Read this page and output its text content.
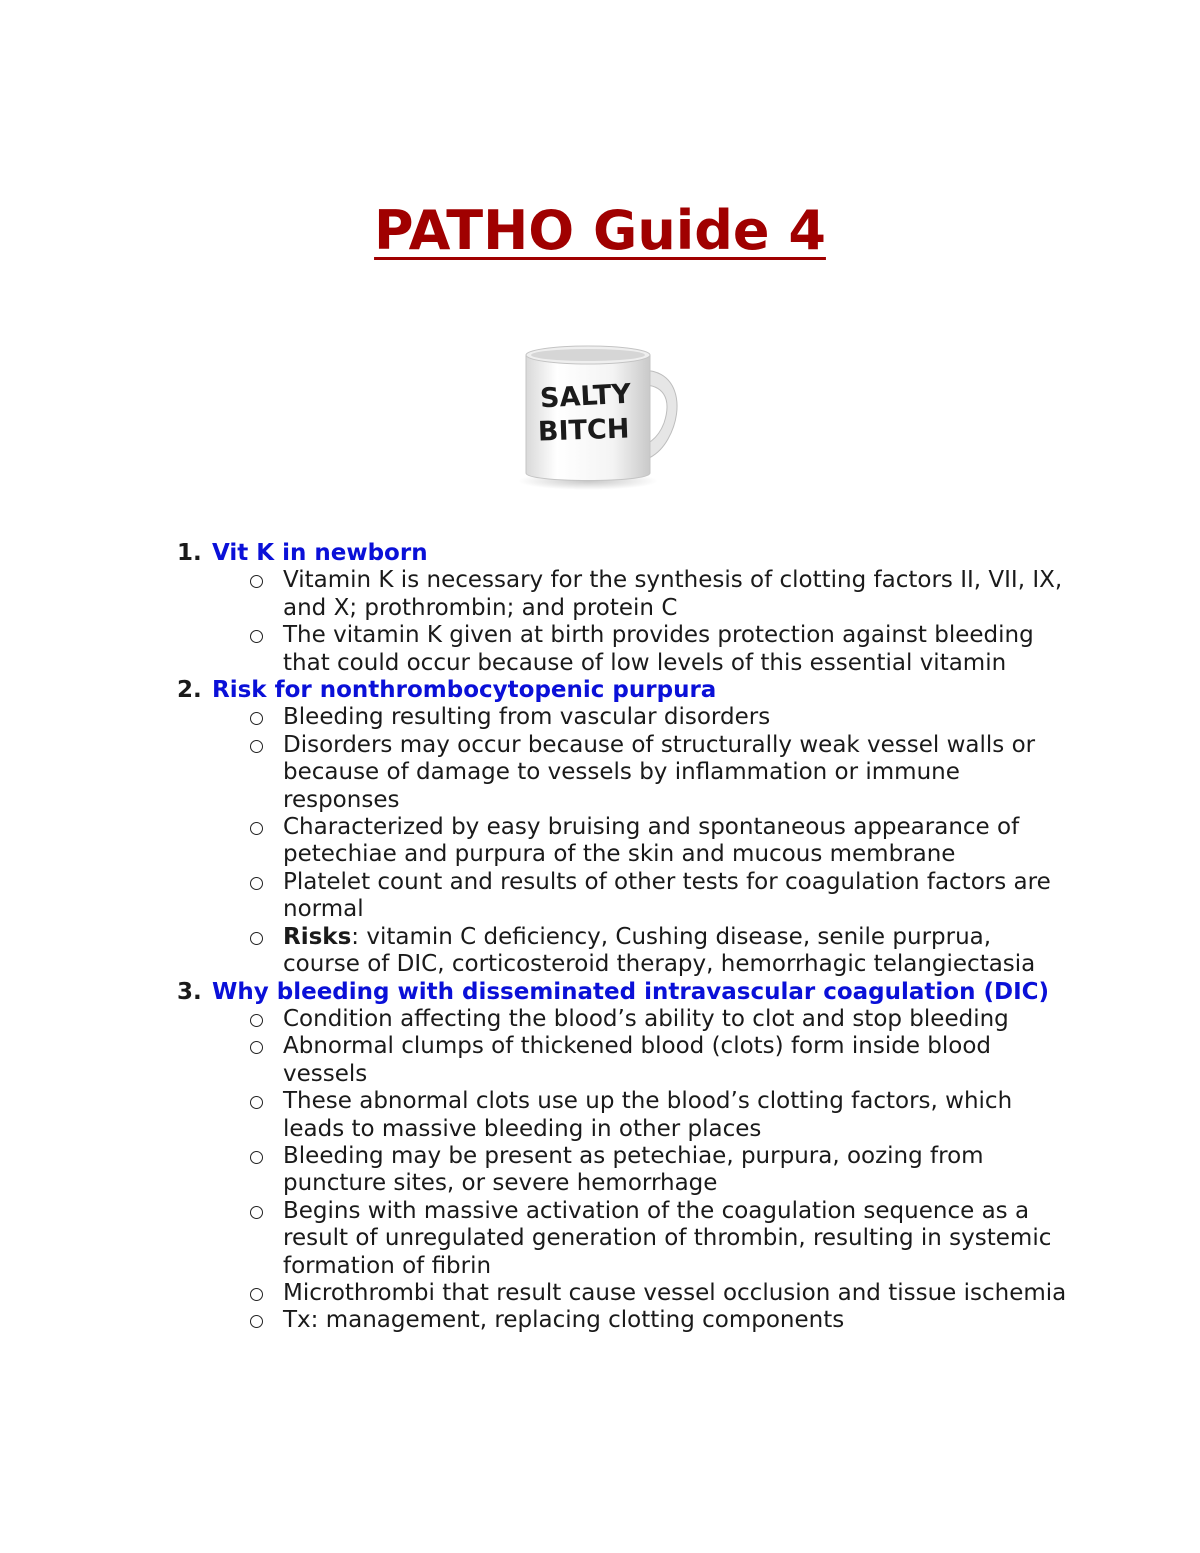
PATHO Guide 4
SALTY
BITCH
1. Vit K in newborn
Vitamin K is necessary for the synthesis of clotting factors II, VII, IX, and X; prothrombin; and protein C
The vitamin K given at birth provides protection against bleeding that could occur because of low levels of this essential vitamin
2. Risk for nonthrombocytopenic purpura
Bleeding resulting from vascular disorders
Disorders may occur because of structurally weak vessel walls or because of damage to vessels by inflammation or immune responses
Characterized by easy bruising and spontaneous appearance of petechiae and purpura of the skin and mucous membrane
Platelet count and results of other tests for coagulation factors are normal
Risks: vitamin C deficiency, Cushing disease, senile purprua, course of DIC, corticosteroid therapy, hemorrhagic telangiectasia
3. Why bleeding with disseminated intravascular coagulation (DIC)
Condition affecting the blood’s ability to clot and stop bleeding
Abnormal clumps of thickened blood (clots) form inside blood vessels
These abnormal clots use up the blood’s clotting factors, which leads to massive bleeding in other places
Bleeding may be present as petechiae, purpura, oozing from puncture sites, or severe hemorrhage
Begins with massive activation of the coagulation sequence as a result of unregulated generation of thrombin, resulting in systemic formation of fibrin
Microthrombi that result cause vessel occlusion and tissue ischemia
Tx: management, replacing clotting components
